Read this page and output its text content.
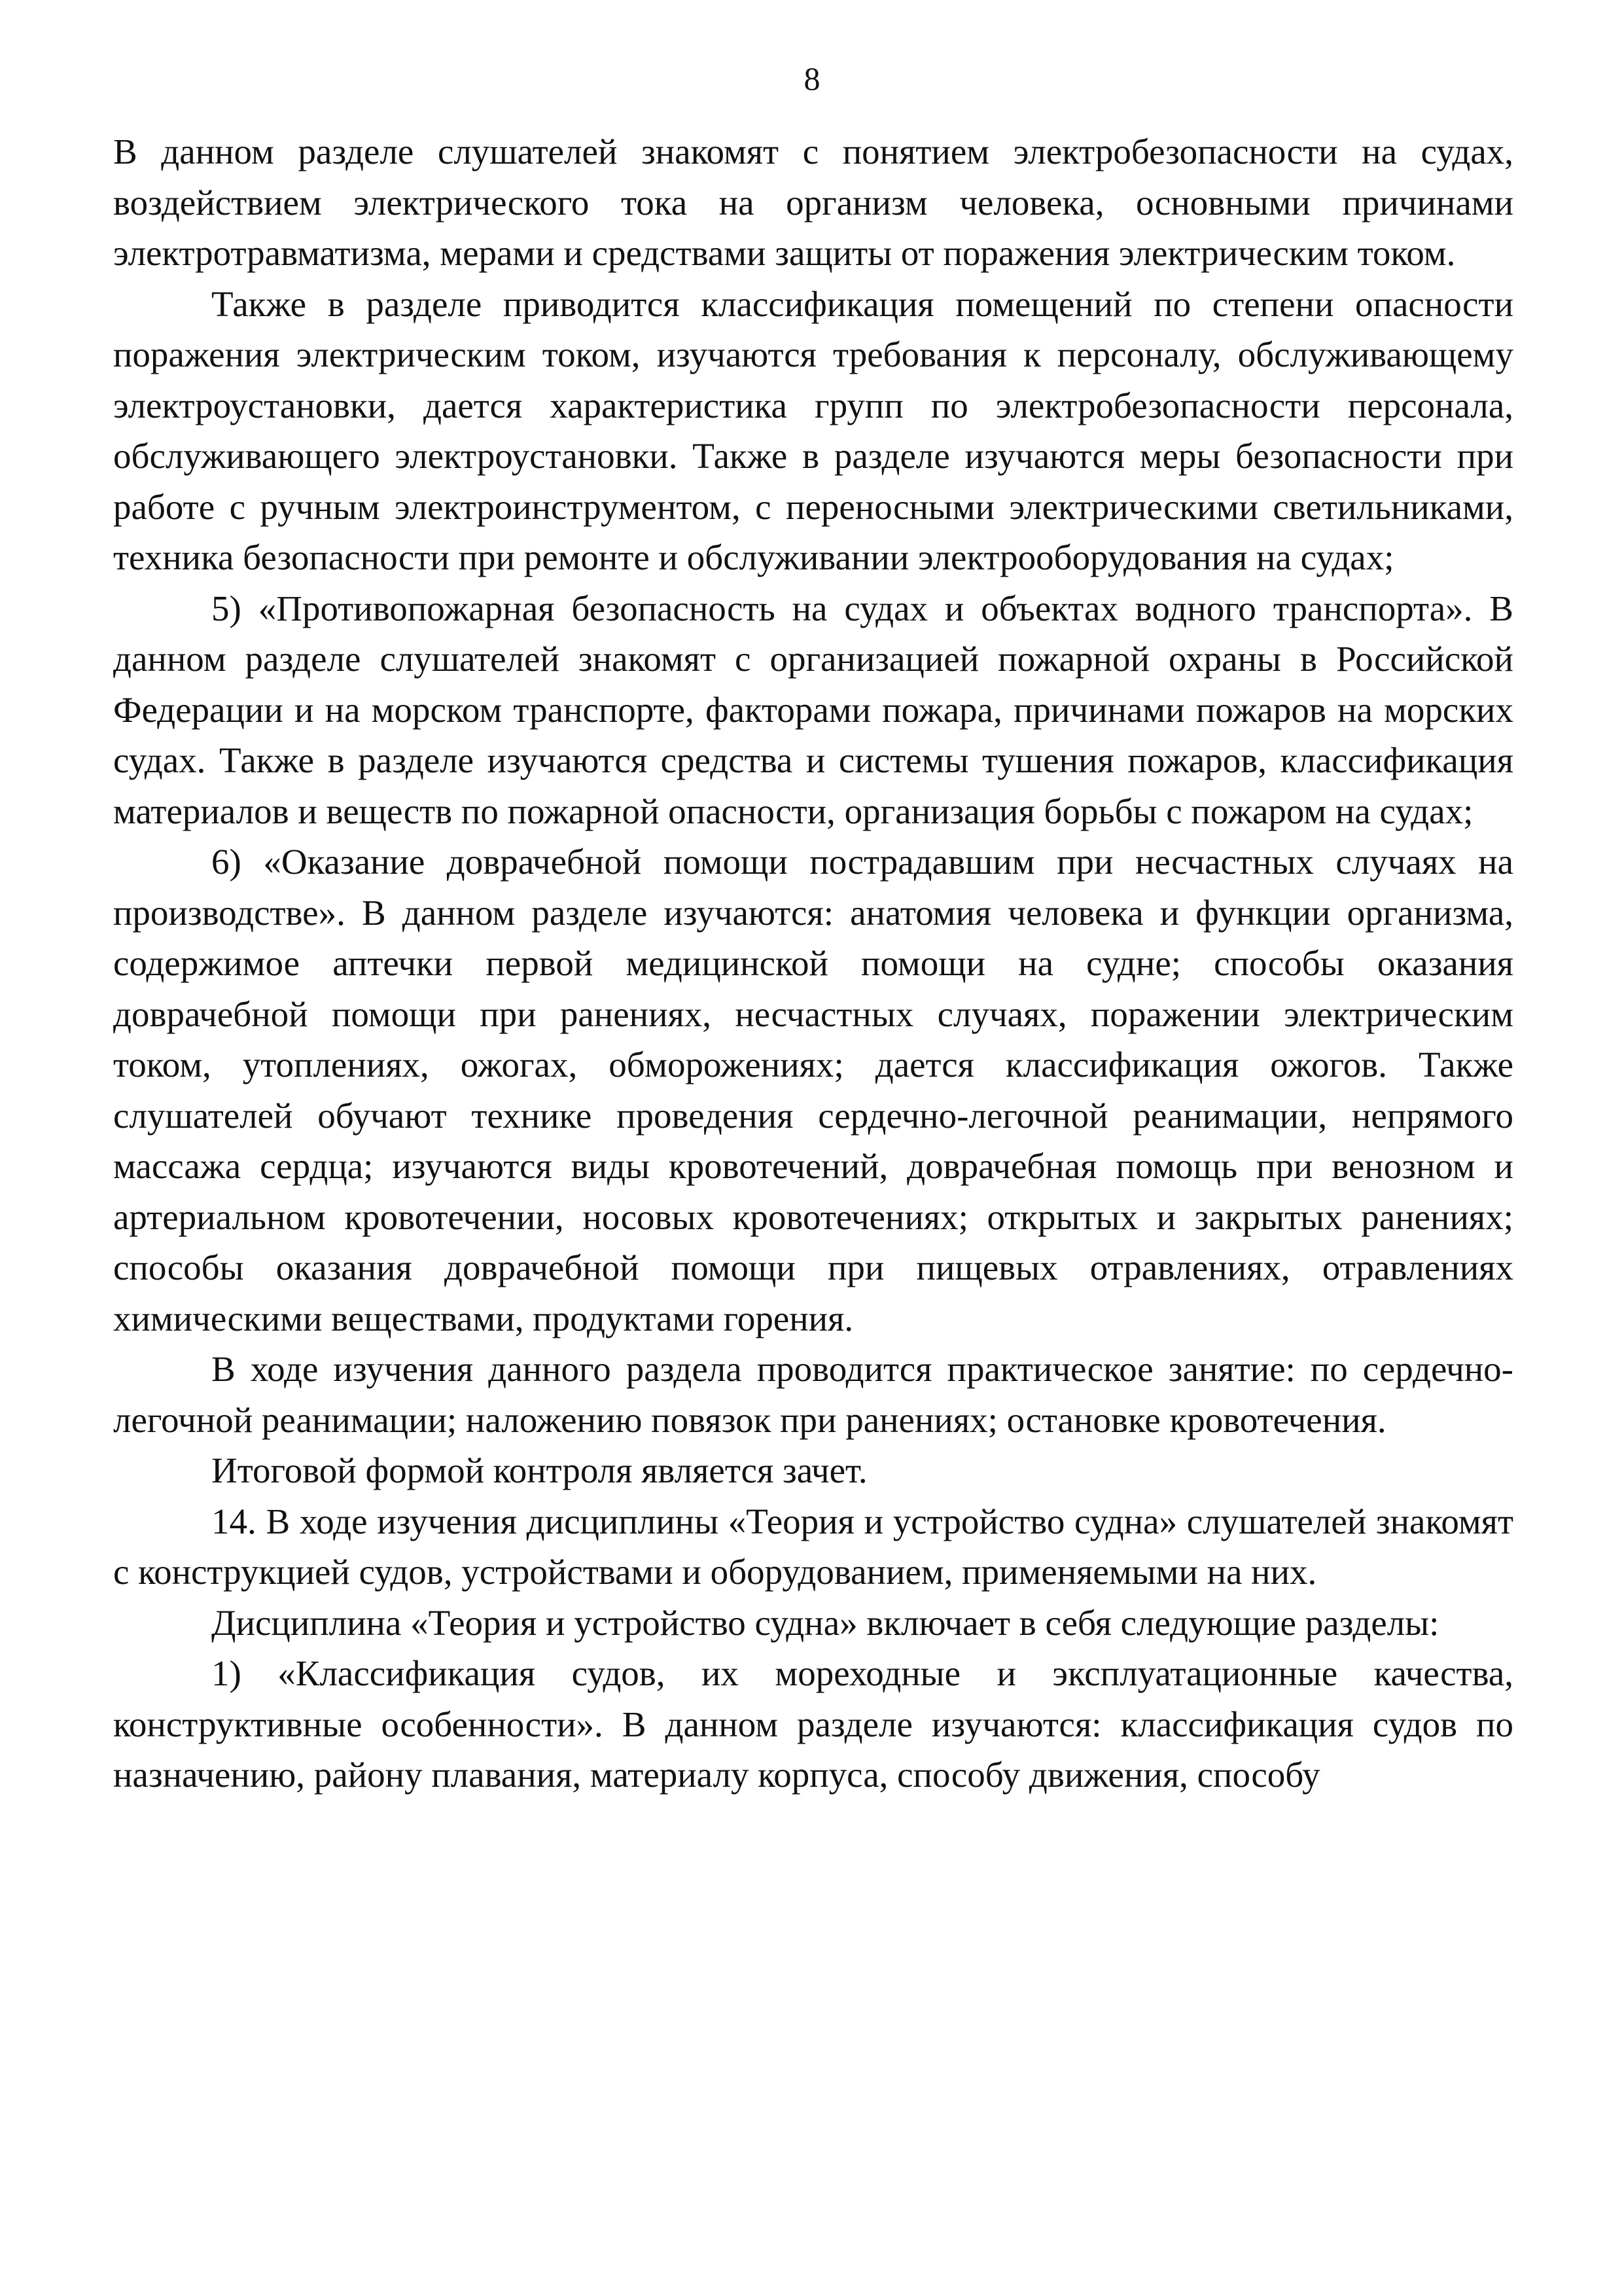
8

В данном разделе слушателей знакомят с понятием электробезопасности на судах, воздействием электрического тока на организм человека, основными причинами электротравматизма, мерами и средствами защиты от поражения электрическим током.

Также в разделе приводится классификация помещений по степени опасности поражения электрическим током, изучаются требования к персоналу, обслуживающему электроустановки, дается характеристика групп по электробезопасности персонала, обслуживающего электроустановки. Также в разделе изучаются меры безопасности при работе с ручным электроинструментом, с переносными электрическими светильниками, техника безопасности при ремонте и обслуживании электрооборудования на судах;

5) «Противопожарная безопасность на судах и объектах водного транспорта». В данном разделе слушателей знакомят с организацией пожарной охраны в Российской Федерации и на морском транспорте, факторами пожара, причинами пожаров на морских судах. Также в разделе изучаются средства и системы тушения пожаров, классификация материалов и веществ по пожарной опасности, организация борьбы с пожаром на судах;

6) «Оказание доврачебной помощи пострадавшим при несчастных случаях на производстве». В данном разделе изучаются: анатомия человека и функции организма, содержимое аптечки первой медицинской помощи на судне; способы оказания доврачебной помощи при ранениях, несчастных случаях, поражении электрическим током, утоплениях, ожогах, обморожениях; дается классификация ожогов. Также слушателей обучают технике проведения сердечно-легочной реанимации, непрямого массажа сердца; изучаются виды кровотечений, доврачебная помощь при венозном и артериальном кровотечении, носовых кровотечениях; открытых и закрытых ранениях; способы оказания доврачебной помощи при пищевых отравлениях, отравлениях химическими веществами, продуктами горения.

В ходе изучения данного раздела проводится практическое занятие: по сердечно-легочной реанимации; наложению повязок при ранениях; остановке кровотечения.

Итоговой формой контроля является зачет.

14. В ходе изучения дисциплины «Теория и устройство судна» слушателей знакомят с конструкцией судов, устройствами и оборудованием, применяемыми на них.

Дисциплина «Теория и устройство судна» включает в себя следующие разделы:

1) «Классификация судов, их мореходные и эксплуатационные качества, конструктивные особенности». В данном разделе изучаются: классификация судов по назначению, району плавания, материалу корпуса, способу движения, способу
